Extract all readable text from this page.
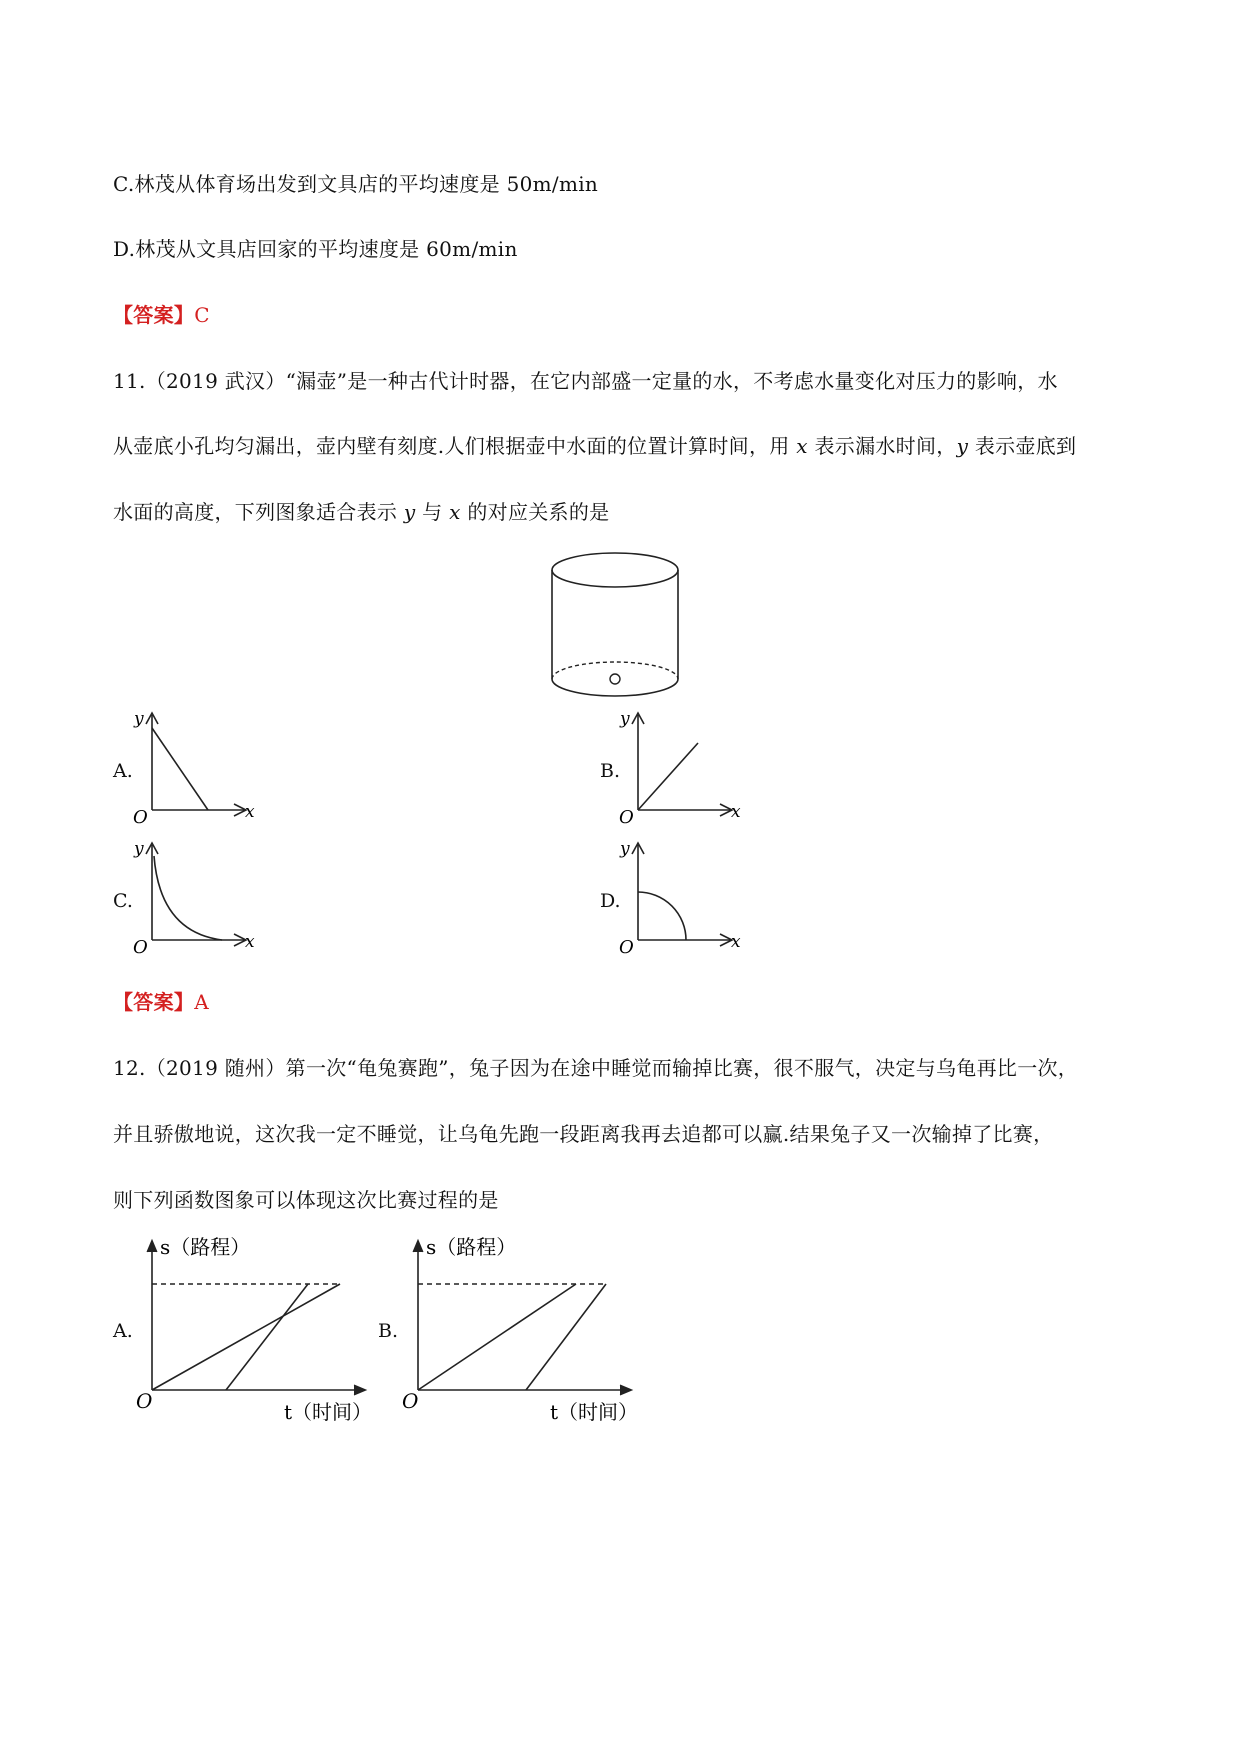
C.林茂从体育场出发到文具店的平均速度是 50m/min
D.林茂从文具店回家的平均速度是 60m/min
【答案】C
11.（2019 武汉）“漏壶”是一种古代计时器，在它内部盛一定量的水，不考虑水量变化对压力的影响，水
从壶底小孔均匀漏出，壶内壁有刻度.人们根据壶中水面的位置计算时间，用 x 表示漏水时间，y 表示壶底到
水面的高度，下列图象适合表示 y 与 x 的对应关系的是
A.	B.
C.	D.
y
x
O
y
x
O
y
x
O
y
x
O
【答案】A
12.（2019 随州）第一次“龟兔赛跑”，兔子因为在途中睡觉而输掉比赛，很不服气，决定与乌龟再比一次，
并且骄傲地说，这次我一定不睡觉，让乌龟先跑一段距离我再去追都可以赢.结果兔子又一次输掉了比赛，
则下列函数图象可以体现这次比赛过程的是
A.	B.
s（路程）
t（时间）
O
s（路程）
t（时间）
O
